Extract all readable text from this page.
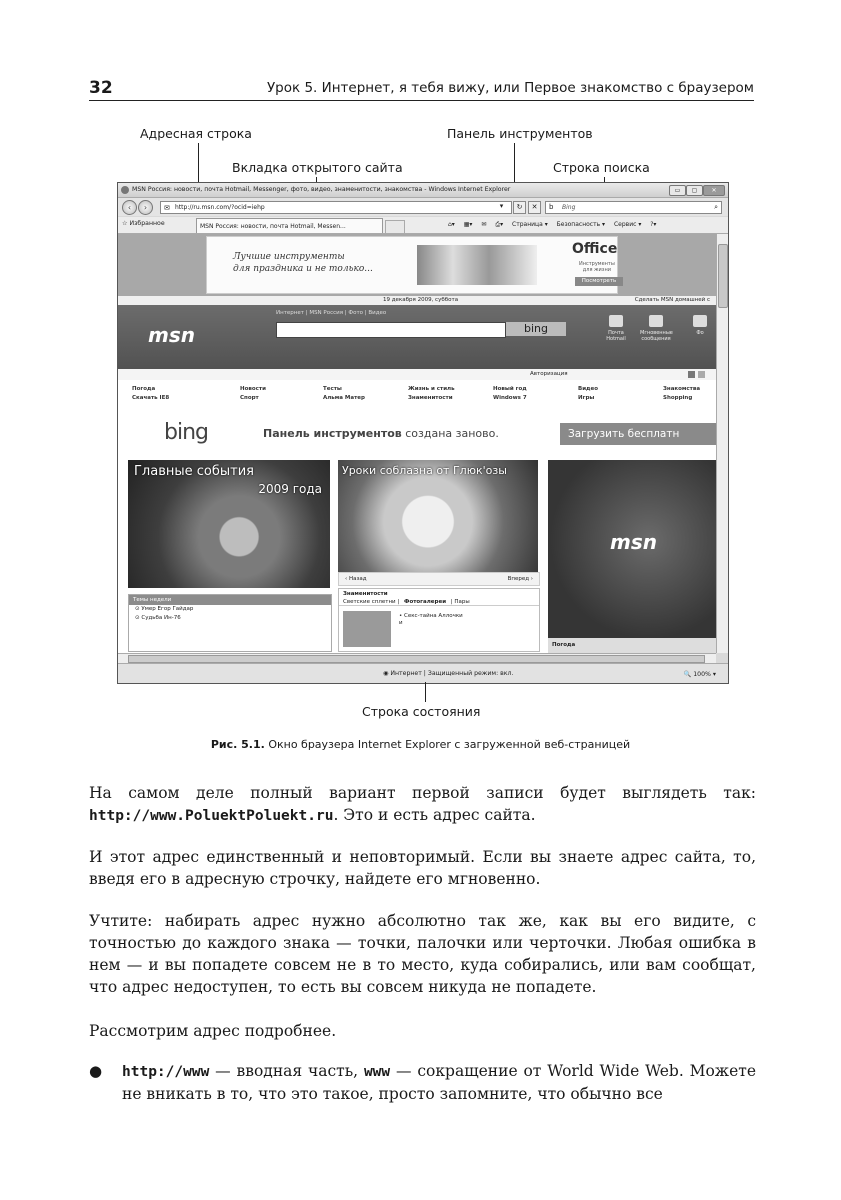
32	Урок 5. Интернет, я тебя вижу, или Первое знакомство с браузером
Адресная строка
Вкладка открытого сайта
Панель инструментов
Строка поиска
MSN Россия: новости, почта Hotmail, Messenger, фото, видео, знаменитости, знакомства - Windows Internet Explorer	▭	▢	✕
‹	›	✉ http://ru.msn.com/?ocid=iehp	▾	↻	✕	b Bing	⌕
☆ Избранное	MSN Россия: новости, почта Hotmail, Messen...	⌂▾ ▦▾ ✉ ⎙▾ Страница ▾ Безопасность ▾ Сервис ▾ ?▾
Лучшие инструменты
для праздника и не только...
Office
Инструменты
для жизни
Посмотреть
19 декабря 2009, суббота	Сделать MSN домашней с
msn
Интернет | MSN Россия | Фото | Видео
bing	Почта Hotmail
Мгновенные сообщения
Фо
Авторизация
Погода
Скачать IE8
Новости
Спорт
Тесты
Альма Матер
Жизнь и стиль
Знаменитости
Новый год
Windows 7
Видео
Игры
Знакомства
Shopping
bing	Панель инструментов создана заново.	Загрузить бесплатн
Главные события
2009 года
Уроки соблазна от Глюк'озы
‹ Назад	Вперед ›
msn
Темы недели
⊙ Умер Егор Гайдар
⊙ Судьба Ин-76
Знаменитости
Светские сплетни | Фотогалереи | Пары
• Секс-тайна Аллочки
и
Погода
◉ Интернет | Защищенный режим: вкл.	🔍 100% ▾
Строка состояния
Рис. 5.1. Окно браузера Internet Explorer с загруженной веб-страницей
На самом деле полный вариант первой записи будет выглядеть так: http://www.PoluektPoluekt.ru. Это и есть адрес сайта.
И этот адрес единственный и неповторимый. Если вы знаете адрес сайта, то, введя его в адресную строчку, найдете его мгновенно.
Учтите: набирать адрес нужно абсолютно так же, как вы его видите, с точностью до каждого знака — точки, палочки или черточки. Любая ошибка в нем — и вы попадете совсем не в то место, куда собирались, или вам сообщат, что адрес недоступен, то есть вы совсем никуда не попадете.
Рассмотрим адрес подробнее.
● http://www — вводная часть, www — сокращение от World Wide Web. Можете не вникать в то, что это такое, просто запомните, что обычно все
